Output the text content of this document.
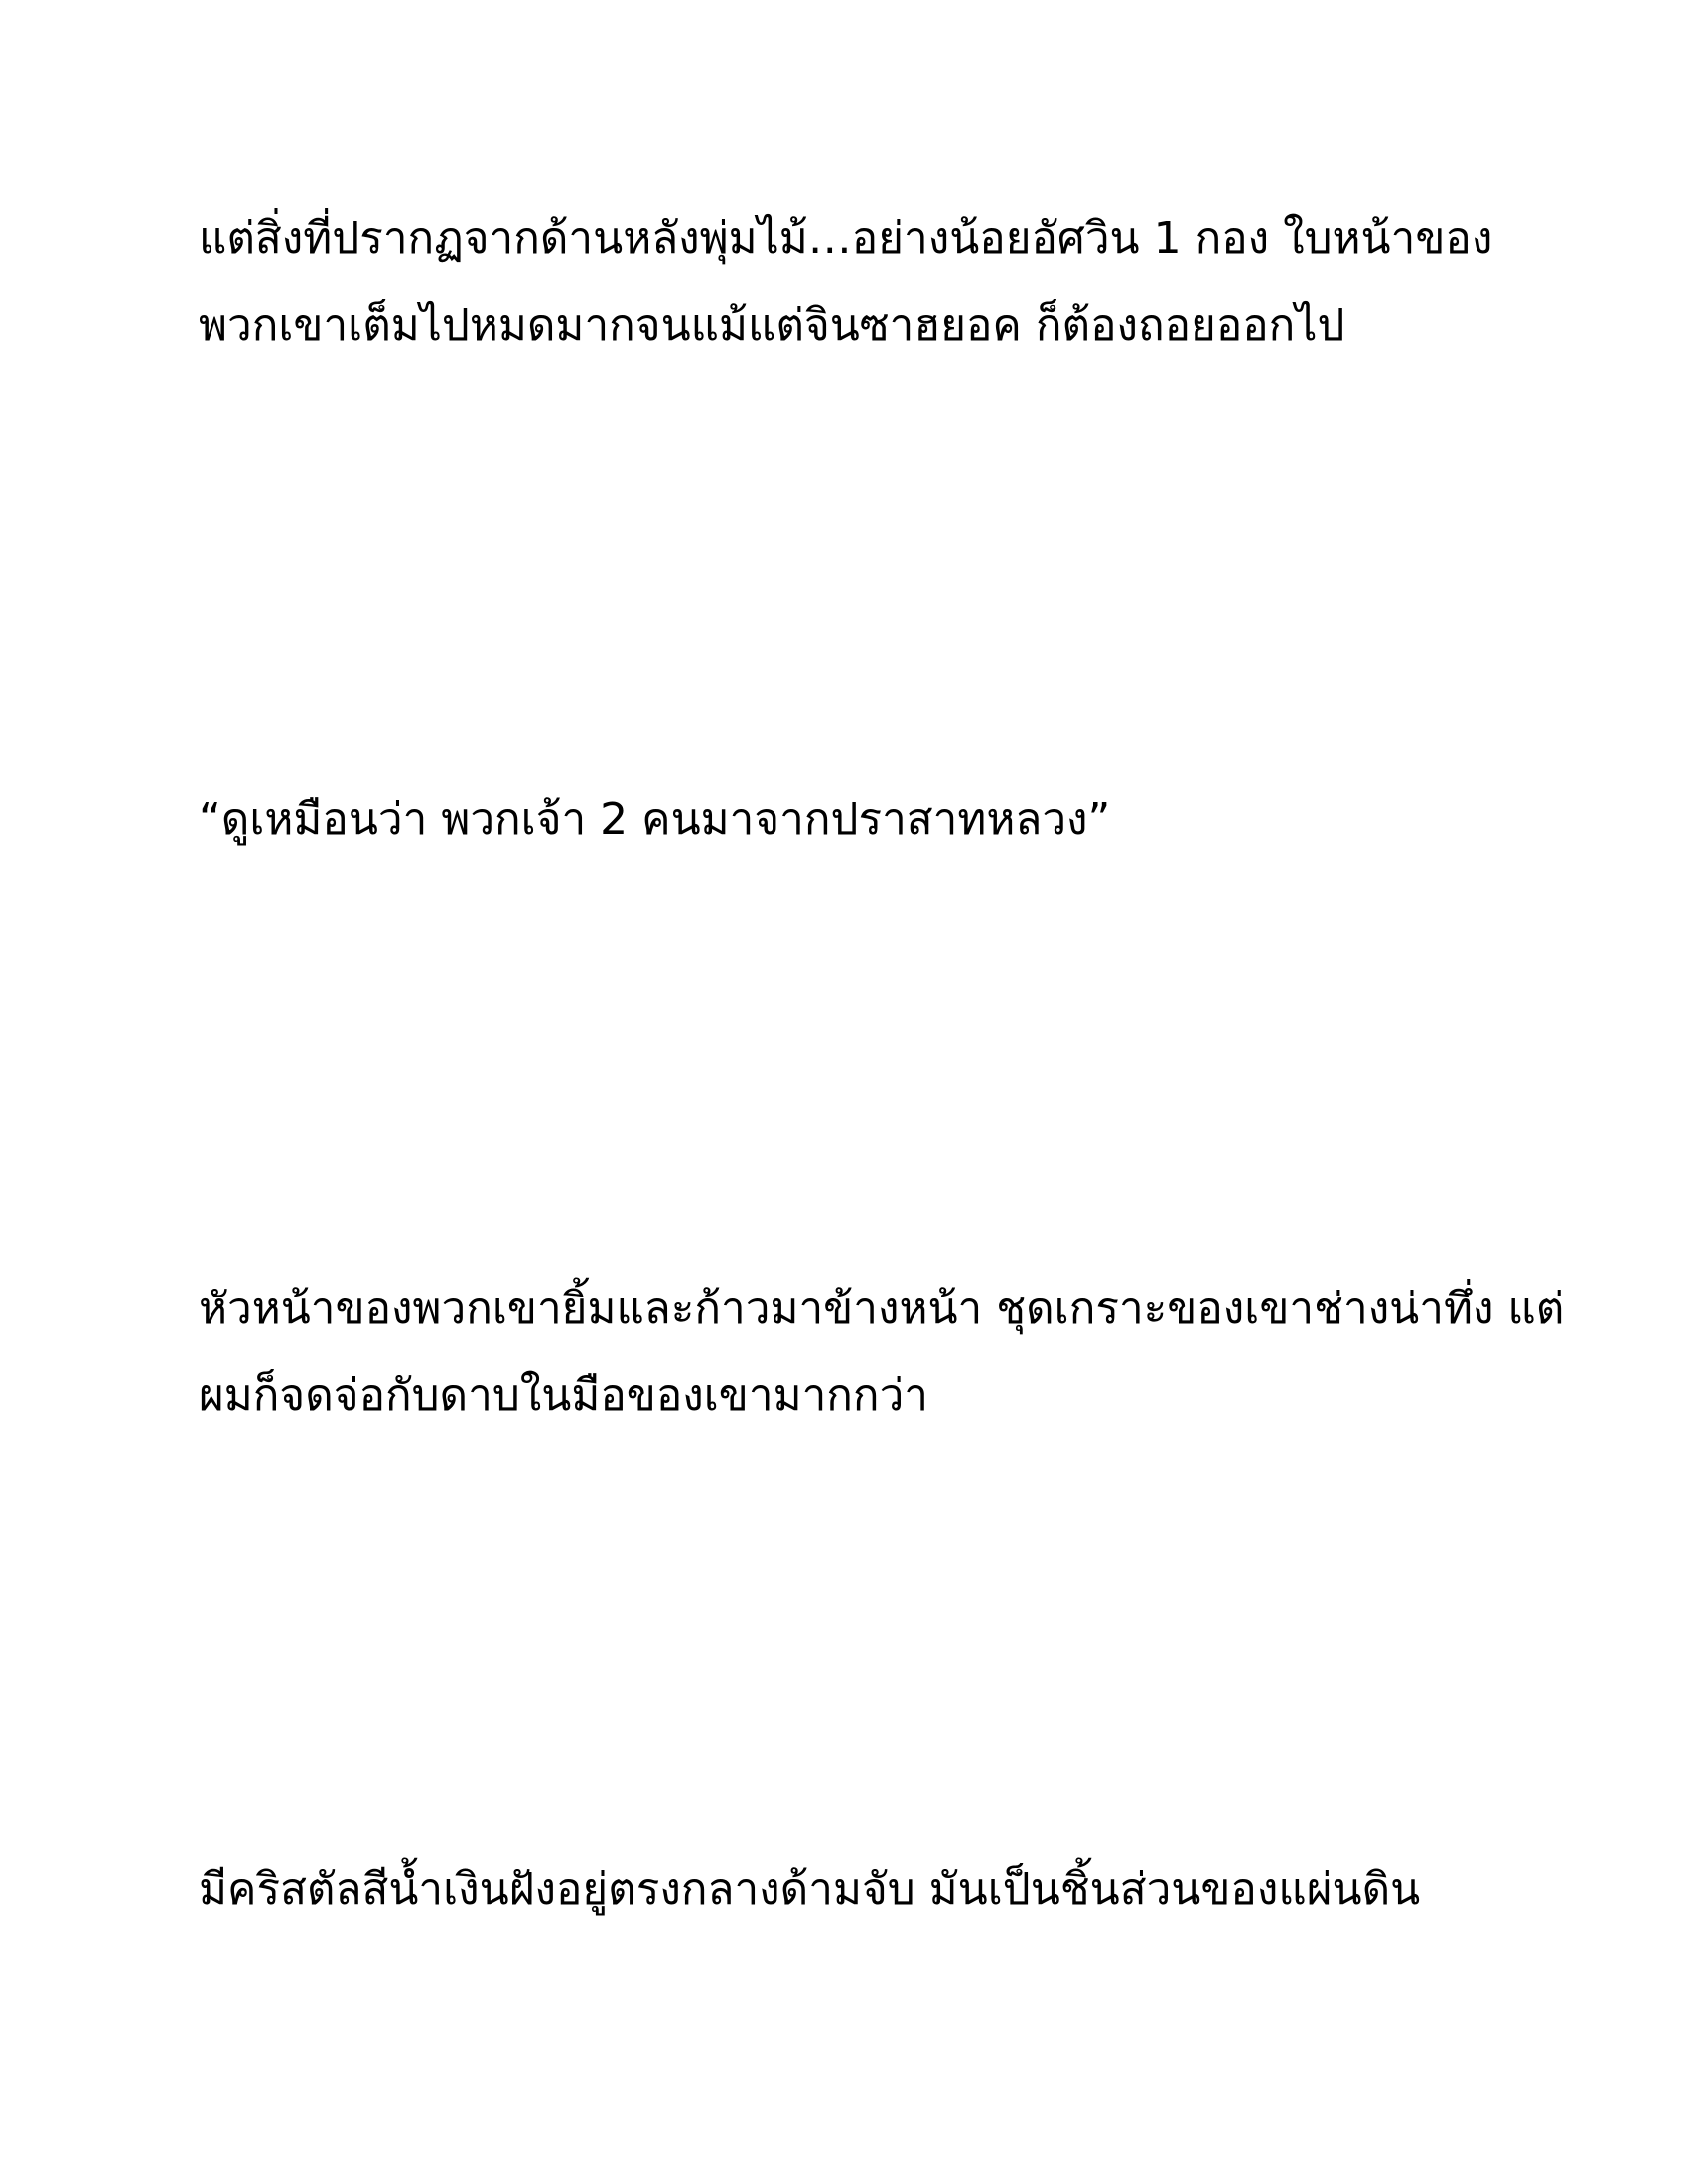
แต่สิ่งที่ปรากฏจากด้านหลังพุ่มไม้…อย่างน้อยอัศวิน 1 กอง ใบหน้าของ
พวกเขาเต็มไปหมดมากจนแม้แต่จินซาฮยอค ก็ต้องถอยออกไป

“ดูเหมือนว่า พวกเจ้า 2 คนมาจากปราสาทหลวง”

หัวหน้าของพวกเขายิ้มและก้าวมาข้างหน้า ชุดเกราะของเขาช่างน่าทึ่ง แต่
ผมก็จดจ่อกับดาบในมือของเขามากกว่า

มีคริสตัลสีน้ำเงินฝังอยู่ตรงกลางด้ามจับ มันเป็นชิ้นส่วนของแผ่นดิน
